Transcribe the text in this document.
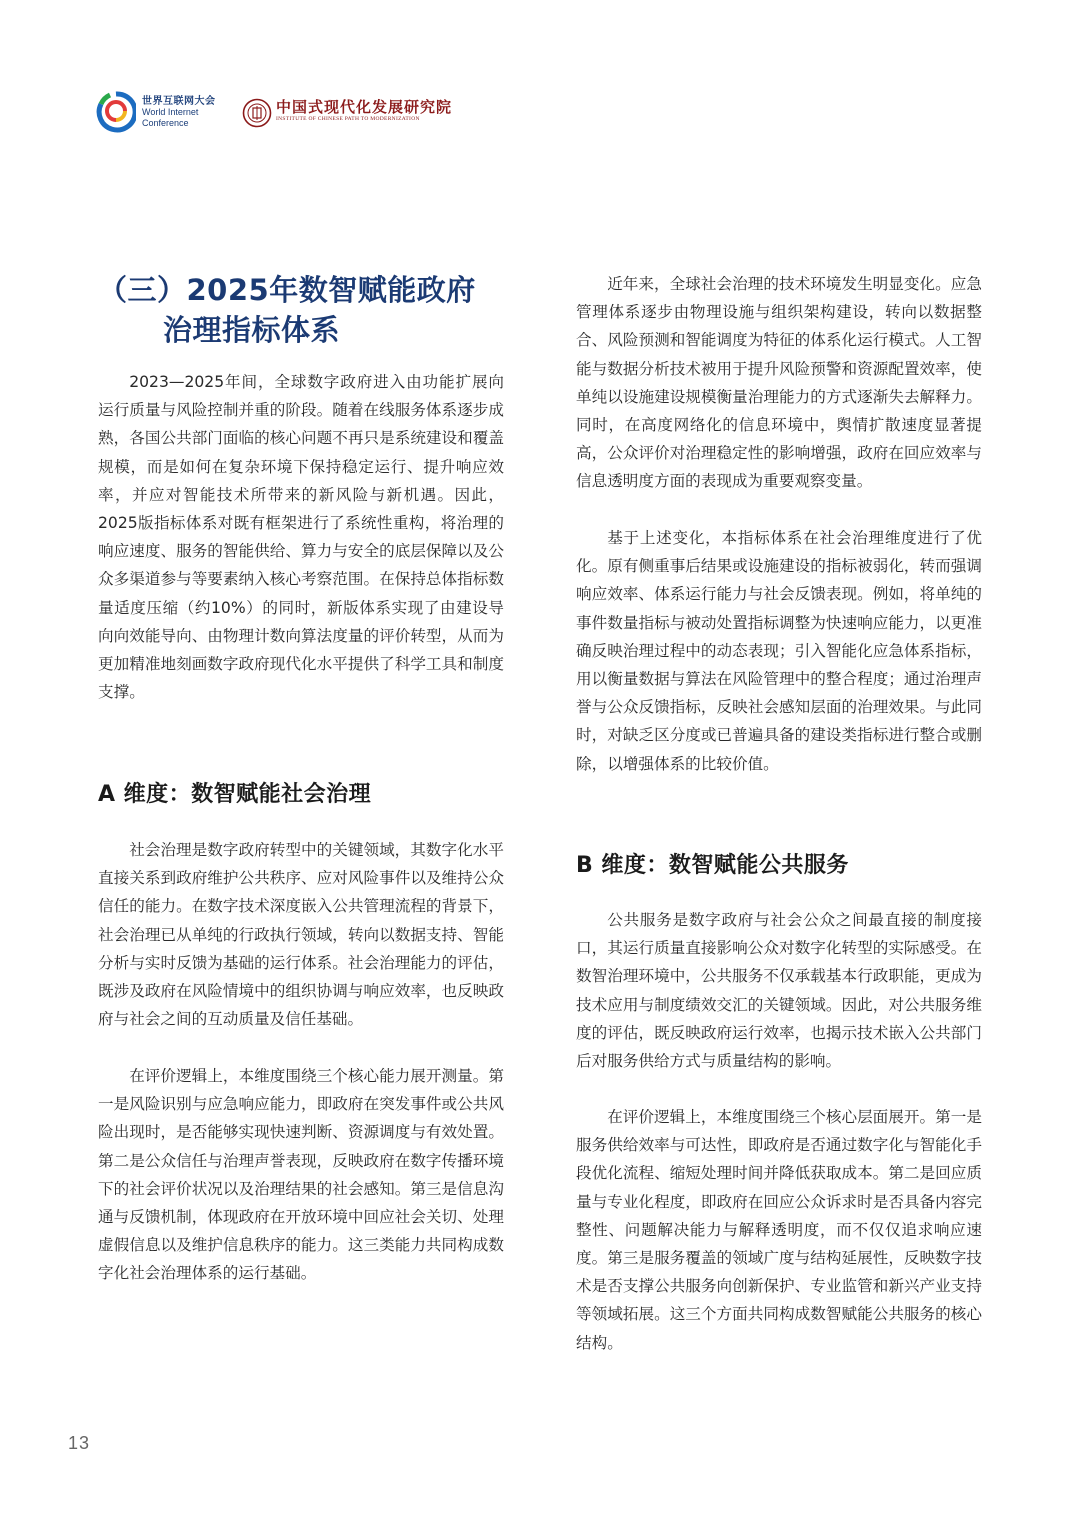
世界互联网大会
World Internet
Conference
中国式现代化发展研究院
INSTITUTE OF CHINESE PATH TO MODERNIZATION
（三）2025年数智赋能政府
治理指标体系

2023—2025年间，全球数字政府进入由功能扩展向运行质量与风险控制并重的阶段。随着在线服务体系逐步成熟，各国公共部门面临的核心问题不再只是系统建设和覆盖规模，而是如何在复杂环境下保持稳定运行、提升响应效率，并应对智能技术所带来的新风险与新机遇。因此，2025版指标体系对既有框架进行了系统性重构，将治理的响应速度、服务的智能供给、算力与安全的底层保障以及公众多渠道参与等要素纳入核心考察范围。在保持总体指标数量适度压缩（约10%）的同时，新版体系实现了由建设导向向效能导向、由物理计数向算法度量的评价转型，从而为更加精准地刻画数字政府现代化水平提供了科学工具和制度支撑。

A 维度：数智赋能社会治理

社会治理是数字政府转型中的关键领域，其数字化水平直接关系到政府维护公共秩序、应对风险事件以及维持公众信任的能力。在数字技术深度嵌入公共管理流程的背景下，社会治理已从单纯的行政执行领域，转向以数据支持、智能分析与实时反馈为基础的运行体系。社会治理能力的评估，既涉及政府在风险情境中的组织协调与响应效率，也反映政府与社会之间的互动质量及信任基础。

在评价逻辑上，本维度围绕三个核心能力展开测量。第一是风险识别与应急响应能力，即政府在突发事件或公共风险出现时，是否能够实现快速判断、资源调度与有效处置。第二是公众信任与治理声誉表现，反映政府在数字传播环境下的社会评价状况以及治理结果的社会感知。第三是信息沟通与反馈机制，体现政府在开放环境中回应社会关切、处理虚假信息以及维护信息秩序的能力。这三类能力共同构成数字化社会治理体系的运行基础。

近年来，全球社会治理的技术环境发生明显变化。应急管理体系逐步由物理设施与组织架构建设，转向以数据整合、风险预测和智能调度为特征的体系化运行模式。人工智能与数据分析技术被用于提升风险预警和资源配置效率，使单纯以设施建设规模衡量治理能力的方式逐渐失去解释力。同时，在高度网络化的信息环境中，舆情扩散速度显著提高，公众评价对治理稳定性的影响增强，政府在回应效率与信息透明度方面的表现成为重要观察变量。

基于上述变化，本指标体系在社会治理维度进行了优化。原有侧重事后结果或设施建设的指标被弱化，转而强调响应效率、体系运行能力与社会反馈表现。例如，将单纯的事件数量指标与被动处置指标调整为快速响应能力，以更准确反映治理过程中的动态表现；引入智能化应急体系指标，用以衡量数据与算法在风险管理中的整合程度；通过治理声誉与公众反馈指标，反映社会感知层面的治理效果。与此同时，对缺乏区分度或已普遍具备的建设类指标进行整合或删除，以增强体系的比较价值。

B 维度：数智赋能公共服务

公共服务是数字政府与社会公众之间最直接的制度接口，其运行质量直接影响公众对数字化转型的实际感受。在数智治理环境中，公共服务不仅承载基本行政职能，更成为技术应用与制度绩效交汇的关键领域。因此，对公共服务维度的评估，既反映政府运行效率，也揭示技术嵌入公共部门后对服务供给方式与质量结构的影响。

在评价逻辑上，本维度围绕三个核心层面展开。第一是服务供给效率与可达性，即政府是否通过数字化与智能化手段优化流程、缩短处理时间并降低获取成本。第二是回应质量与专业化程度，即政府在回应公众诉求时是否具备内容完整性、问题解决能力与解释透明度，而不仅仅追求响应速度。第三是服务覆盖的领域广度与结构延展性，反映数字技术是否支撑公共服务向创新保护、专业监管和新兴产业支持等领域拓展。这三个方面共同构成数智赋能公共服务的核心结构。

13
